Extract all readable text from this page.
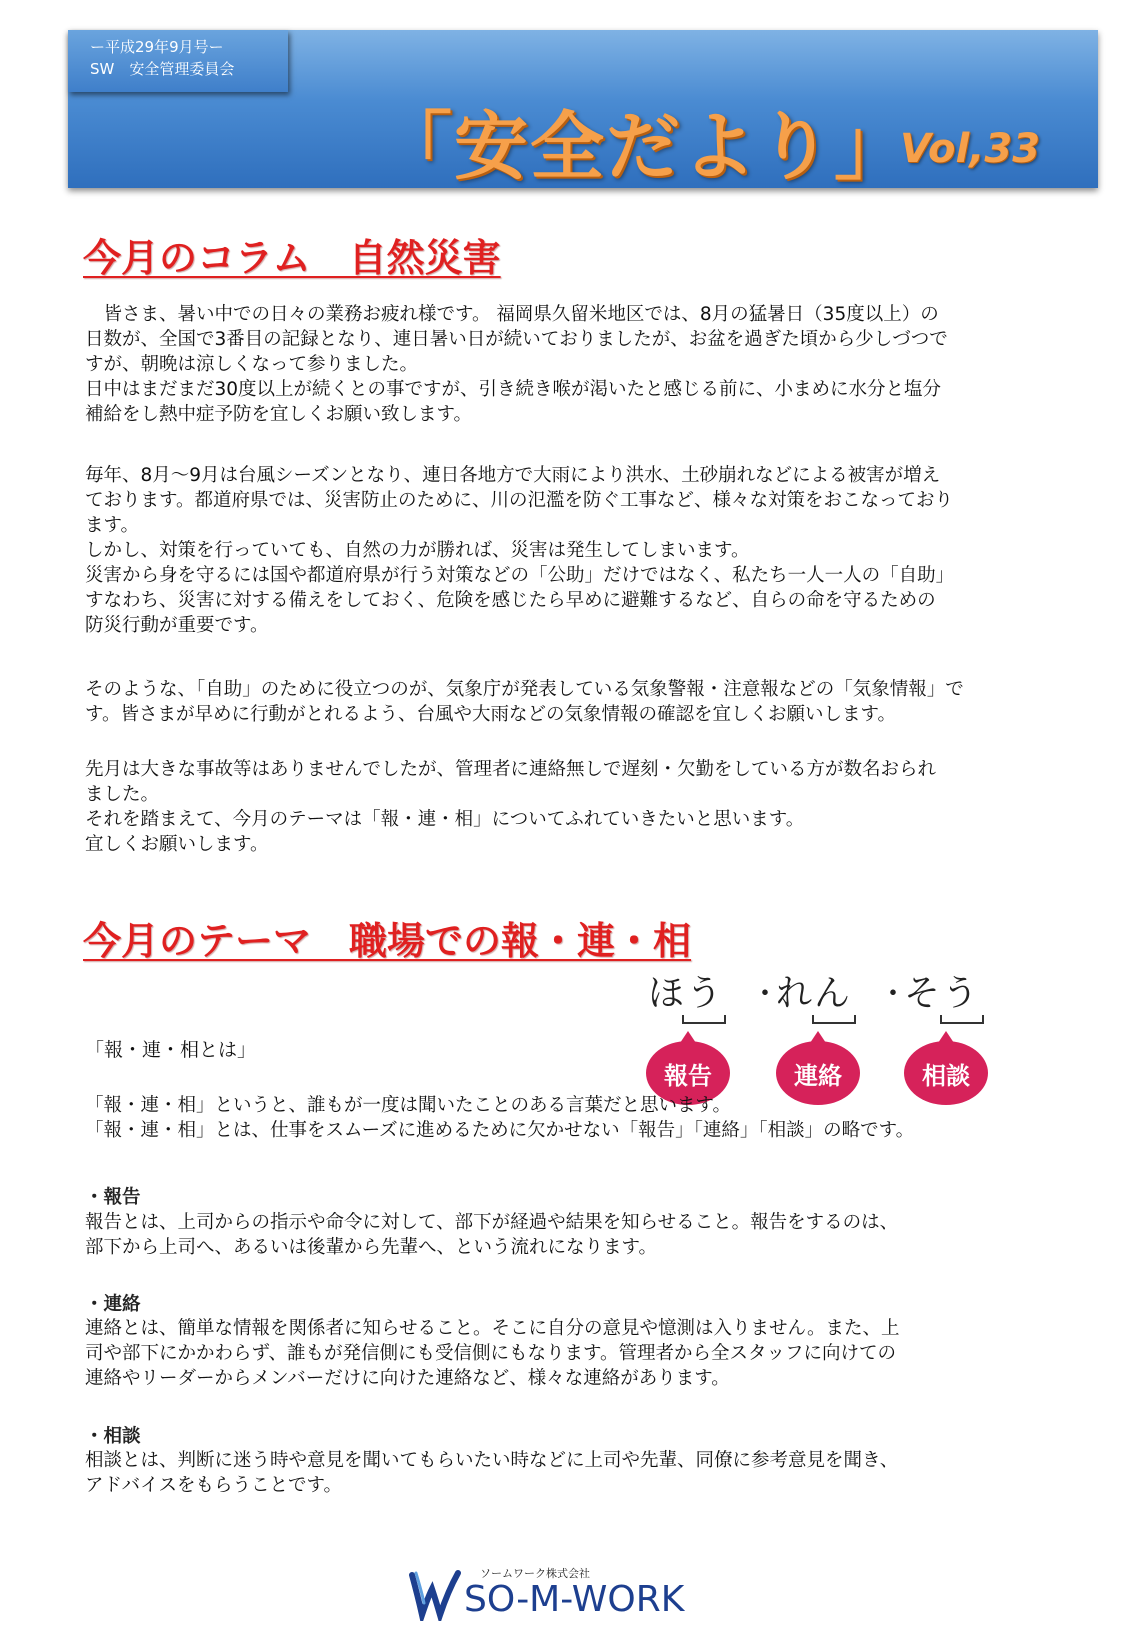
ー平成29年9月号ー
SW　安全管理委員会
「安全だより」
Vol,33
今月のコラム　自然災害

　皆さま、暑い中での日々の業務お疲れ様です。 福岡県久留米地区では、8月の猛暑日（35度以上）の

日数が、全国で3番目の記録となり、連日暑い日が続いておりましたが、お盆を過ぎた頃から少しづつで

すが、朝晩は涼しくなって参りました。

日中はまだまだ30度以上が続くとの事ですが、引き続き喉が渇いたと感じる前に、小まめに水分と塩分

補給をし熱中症予防を宜しくお願い致します。

毎年、8月～9月は台風シーズンとなり、連日各地方で大雨により洪水、土砂崩れなどによる被害が増え

ております。都道府県では、災害防止のために、川の氾濫を防ぐ工事など、様々な対策をおこなっており

ます。

しかし、対策を行っていても、自然の力が勝れば、災害は発生してしまいます。

災害から身を守るには国や都道府県が行う対策などの「公助」だけではなく、私たち一人一人の「自助」

すなわち、災害に対する備えをしておく、危険を感じたら早めに避難するなど、自らの命を守るための

防災行動が重要です。

そのような、「自助」のために役立つのが、気象庁が発表している気象警報・注意報などの「気象情報」で

す。皆さまが早めに行動がとれるよう、台風や大雨などの気象情報の確認を宜しくお願いします。

先月は大きな事故等はありませんでしたが、管理者に連絡無しで遅刻・欠勤をしている方が数名おられ

ました。

それを踏まえて、今月のテーマは「報・連・相」についてふれていきたいと思います。

宜しくお願いします。

今月のテーマ　職場での報・連・相
ほう ・
れん ・
そう
報告	連絡	相談
「報・連・相とは」

「報・連・相」というと、誰もが一度は聞いたことのある言葉だと思います。

「報・連・相」とは、仕事をスムーズに進めるために欠かせない「報告」「連絡」「相談」の略です。

・報告

報告とは、上司からの指示や命令に対して、部下が経過や結果を知らせること。報告をするのは、

部下から上司へ、あるいは後輩から先輩へ、という流れになります。

・連絡

連絡とは、簡単な情報を関係者に知らせること。そこに自分の意見や憶測は入りません。また、上

司や部下にかかわらず、誰もが発信側にも受信側にもなります。管理者から全スタッフに向けての

連絡やリーダーからメンバーだけに向けた連絡など、様々な連絡があります。

・相談

相談とは、判断に迷う時や意見を聞いてもらいたい時などに上司や先輩、同僚に参考意見を聞き、

アドバイスをもらうことです。

ソームワーク株式会社
SO-M-WORK
